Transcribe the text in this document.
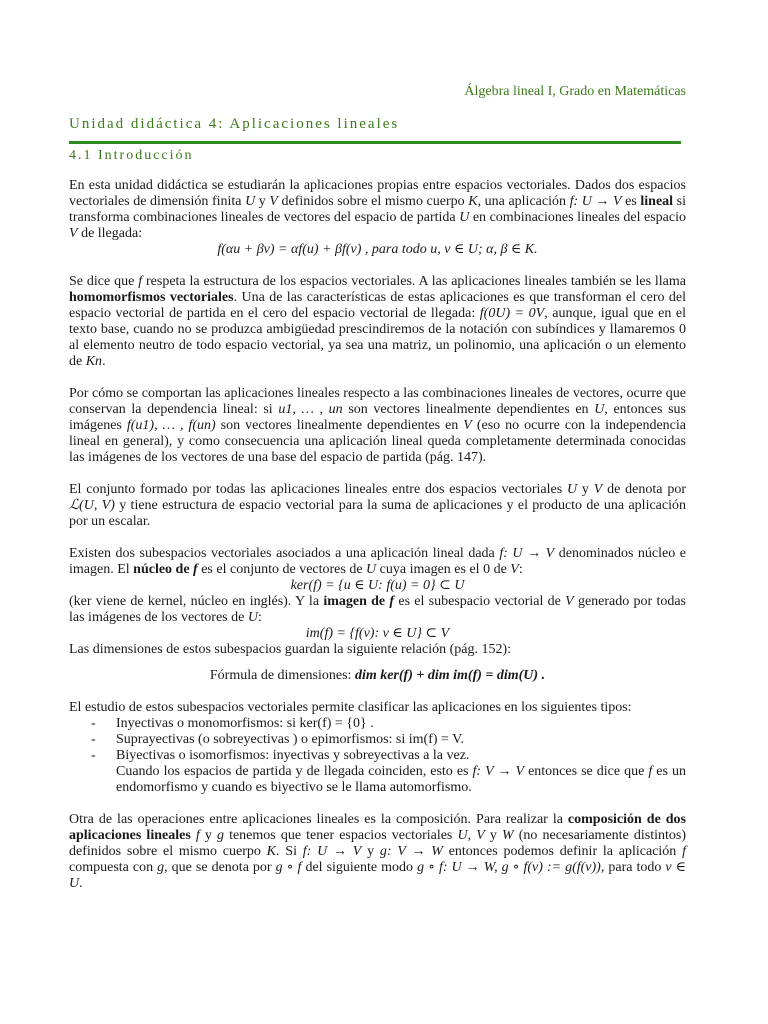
Álgebra lineal I, Grado en Matemáticas
Unidad didáctica 4: Aplicaciones lineales
4.1 Introducción

En esta unidad didáctica se estudiarán la aplicaciones propias entre espacios vectoriales. Dados dos espacios vectoriales de dimensión finita U y V definidos sobre el mismo cuerpo K, una aplicación f: U → V es lineal si transforma combinaciones lineales de vectores del espacio de partida U en combinaciones lineales del espacio V de llegada:

f(αu + βv) = αf(u) + βf(v) , para todo u, v ∈ U; α, β ∈ K.

Se dice que f respeta la estructura de los espacios vectoriales. A las aplicaciones lineales también se les llama homomorfismos vectoriales. Una de las características de estas aplicaciones es que transforman el cero del espacio vectorial de partida en el cero del espacio vectorial de llegada: f(0U) = 0V, aunque, igual que en el texto base, cuando no se produzca ambigüedad prescindiremos de la notación con subíndices y llamaremos 0 al elemento neutro de todo espacio vectorial, ya sea una matriz, un polinomio, una aplicación o un elemento de Kn.

Por cómo se comportan las aplicaciones lineales respecto a las combinaciones lineales de vectores, ocurre que conservan la dependencia lineal: si u1, … , un son vectores linealmente dependientes en U, entonces sus imágenes f(u1), … , f(un) son vectores linealmente dependientes en V (eso no ocurre con la independencia lineal en general), y como consecuencia una aplicación lineal queda completamente determinada conocidas las imágenes de los vectores de una base del espacio de partida (pág. 147).

El conjunto formado por todas las aplicaciones lineales entre dos espacios vectoriales U y V de denota por ℒ(U, V) y tiene estructura de espacio vectorial para la suma de aplicaciones y el producto de una aplicación por un escalar.

Existen dos subespacios vectoriales asociados a una aplicación lineal dada f: U → V denominados núcleo e imagen. El núcleo de f es el conjunto de vectores de U cuya imagen es el 0 de V:

ker(f) = {u ∈ U: f(u) = 0} ⊂ U

(ker viene de kernel, núcleo en inglés). Y la imagen de f es el subespacio vectorial de V generado por todas las imágenes de los vectores de U:

im(f) = {f(v): v ∈ U} ⊂ V

Las dimensiones de estos subespacios guardan la siguiente relación (pág. 152):

Fórmula de dimensiones: dim ker(f) + dim im(f) = dim(U) .

El estudio de estos subespacios vectoriales permite clasificar las aplicaciones en los siguientes tipos:

- Inyectivas o monomorfismos: si ker(f) = {0} .
- Suprayectivas (o sobreyectivas ) o epimorfismos: si im(f) = V.
- Biyectivas o isomorfismos: inyectivas y sobreyectivas a la vez.

Cuando los espacios de partida y de llegada coinciden, esto es f: V → V entonces se dice que f es un endomorfismo y cuando es biyectivo se le llama automorfismo.

Otra de las operaciones entre aplicaciones lineales es la composición. Para realizar la composición de dos aplicaciones lineales f y g tenemos que tener espacios vectoriales U, V y W (no necesariamente distintos) definidos sobre el mismo cuerpo K. Si f: U → V y g: V → W entonces podemos definir la aplicación f compuesta con g, que se denota por g ∘ f del siguiente modo g ∘ f: U → W, g ∘ f(v) := g(f(v)), para todo v ∈ U.
